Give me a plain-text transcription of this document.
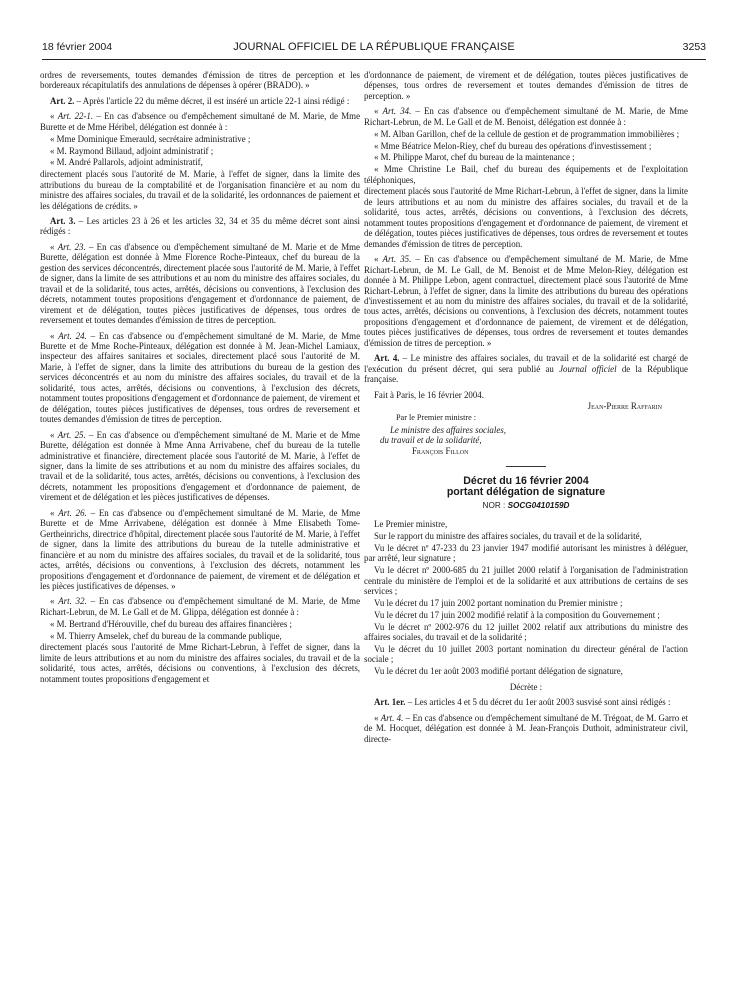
18 février 2004	JOURNAL OFFICIEL DE LA RÉPUBLIQUE FRANÇAISE	3253

ordres de reversements, toutes demandes d'émission de titres de perception et les bordereaux récapitulatifs des annulations de dépenses à opérer (BRADO). »

Art. 2. – Après l'article 22 du même décret, il est inséré un article 22-1 ainsi rédigé :

« Art. 22-1. – En cas d'absence ou d'empêchement simultané de M. Marie, de Mme Burette et de Mme Héribel, délégation est donnée à :

« Mme Dominique Emerauld, secrétaire administrative ;

« M. Raymond Billaud, adjoint administratif ;

« M. André Pallarols, adjoint administratif,

directement placés sous l'autorité de M. Marie, à l'effet de signer, dans la limite des attributions du bureau de la comptabilité et de l'organisation financière et au nom du ministre des affaires sociales, du travail et de la solidarité, les ordonnances de paiement et les délégations de crédits. »

Art. 3. – Les articles 23 à 26 et les articles 32, 34 et 35 du même décret sont ainsi rédigés :

« Art. 23. – En cas d'absence ou d'empêchement simultané de M. Marie et de Mme Burette, délégation est donnée à Mme Florence Roche-Pinteaux, chef du bureau de la gestion des services déconcentrés, directement placée sous l'autorité de M. Marie, à l'effet de signer, dans la limite de ses attributions et au nom du ministre des affaires sociales, du travail et de la solidarité, tous actes, arrêtés, décisions ou conventions, à l'exclusion des décrets, notamment toutes propositions d'engagement et d'ordonnance de paiement, de virement et de délégation, toutes pièces justificatives de dépenses, tous ordres de reversement et toutes demandes d'émission de titres de perception.

« Art. 24. – En cas d'absence ou d'empêchement simultané de M. Marie, de Mme Burette et de Mme Roche-Pinteaux, délégation est donnée à M. Jean-Michel Lamiaux, inspecteur des affaires sanitaires et sociales, directement placé sous l'autorité de M. Marie, à l'effet de signer, dans la limite des attributions du bureau de la gestion des services déconcentrés et au nom du ministre des affaires sociales, du travail et de la solidarité, tous actes, arrêtés, décisions ou conventions, à l'exclusion des décrets, notamment toutes propositions d'engagement et d'ordonnance de paiement, de virement et de délégation, toutes pièces justificatives de dépenses, tous ordres de reversement et toutes demandes d'émission de titres de perception.

« Art. 25. – En cas d'absence ou d'empêchement simultané de M. Marie et de Mme Burette, délégation est donnée à Mme Anna Arrivabene, chef du bureau de la tutelle administrative et financière, directement placée sous l'autorité de M. Marie, à l'effet de signer, dans la limite de ses attributions et au nom du ministre des affaires sociales, du travail et de la solidarité, tous actes, arrêtés, décisions ou conventions, à l'exclusion des décrets, notamment les propositions d'engagement et d'ordonnance de paiement, de virement et de délégation et les pièces justificatives de dépenses.

« Art. 26. – En cas d'absence ou d'empêchement simultané de M. Marie, de Mme Burette et de Mme Arrivabene, délégation est donnée à Mme Elisabeth Tome-Gertheinrichs, directrice d'hôpital, directement placée sous l'autorité de M. Marie, à l'effet de signer, dans la limite des attributions du bureau de la tutelle administrative et financière et au nom du ministre des affaires sociales, du travail et de la solidarité, tous actes, arrêtés, décisions ou conventions, à l'exclusion des décrets, notamment les propositions d'engagement et d'ordonnance de paiement, de virement et de délégation et les pièces justificatives de dépenses. »

« Art. 32. – En cas d'absence ou d'empêchement simultané de M. Marie, de Mme Richart-Lebrun, de M. Le Gall et de M. Glippa, délégation est donnée à :

« M. Bertrand d'Hérouville, chef du bureau des affaires financières ;

« M. Thierry Amselek, chef du bureau de la commande publique,

directement placés sous l'autorité de Mme Richart-Lebrun, à l'effet de signer, dans la limite de leurs attributions et au nom du ministre des affaires sociales, du travail et de la solidarité, tous actes, arrêtés, décisions ou conventions, à l'exclusion des décrets, notamment toutes propositions d'engagement et

d'ordonnance de paiement, de virement et de délégation, toutes pièces justificatives de dépenses, tous ordres de reversement et toutes demandes d'émission de titres de perception. »

« Art. 34. – En cas d'absence ou d'empêchement simultané de M. Marie, de Mme Richart-Lebrun, de M. Le Gall et de M. Benoist, délégation est donnée à :

« M. Alban Garillon, chef de la cellule de gestion et de programmation immobilières ;

« Mme Béatrice Melon-Riey, chef du bureau des opérations d'investissement ;

« M. Philippe Marot, chef du bureau de la maintenance ;

« Mme Christine Le Bail, chef du bureau des équipements et de l'exploitation téléphoniques,

directement placés sous l'autorité de Mme Richart-Lebrun, à l'effet de signer, dans la limite de leurs attributions et au nom du ministre des affaires sociales, du travail et de la solidarité, tous actes, arrêtés, décisions ou conventions, à l'exclusion des décrets, notamment toutes propositions d'engagement et d'ordonnance de paiement, de virement et de délégation, toutes pièces justificatives de dépenses, tous ordres de reversement et toutes demandes d'émission de titres de perception.

« Art. 35. – En cas d'absence ou d'empêchement simultané de M. Marie, de Mme Richart-Lebrun, de M. Le Gall, de M. Benoist et de Mme Melon-Riey, délégation est donnée à M. Philippe Lebon, agent contractuel, directement placé sous l'autorité de Mme Richart-Lebrun, à l'effet de signer, dans la limite des attributions du bureau des opérations d'investissement et au nom du ministre des affaires sociales, du travail et de la solidarité, tous actes, arrêtés, décisions ou conventions, à l'exclusion des décrets, notamment toutes propositions d'engagement et d'ordonnance de paiement, de virement et de délégation, toutes pièces justificatives de dépenses, tous ordres de reversement et toutes demandes d'émission de titres de perception. »

Art. 4. – Le ministre des affaires sociales, du travail et de la solidarité est chargé de l'exécution du présent décret, qui sera publié au Journal officiel de la République française.

Fait à Paris, le 16 février 2004.

Jean-Pierre Raffarin

Par le Premier ministre :

Le ministre des affaires sociales,
du travail et de la solidarité,
François Fillon

Décret du 16 février 2004
portant délégation de signature
NOR : SOCG0410159D

Le Premier ministre,

Sur le rapport du ministre des affaires sociales, du travail et de la solidarité,

Vu le décret nº 47-233 du 23 janvier 1947 modifié autorisant les ministres à déléguer, par arrêté, leur signature ;

Vu le décret nº 2000-685 du 21 juillet 2000 relatif à l'organisation de l'administration centrale du ministère de l'emploi et de la solidarité et aux attributions de certains de ses services ;

Vu le décret du 17 juin 2002 portant nomination du Premier ministre ;

Vu le décret du 17 juin 2002 modifié relatif à la composition du Gouvernement ;

Vu le décret nº 2002-976 du 12 juillet 2002 relatif aux attributions du ministre des affaires sociales, du travail et de la solidarité ;

Vu le décret du 10 juillet 2003 portant nomination du directeur général de l'action sociale ;

Vu le décret du 1er août 2003 modifié portant délégation de signature,

Décrète :

Art. 1er. – Les articles 4 et 5 du décret du 1er août 2003 susvisé sont ainsi rédigés :

« Art. 4. – En cas d'absence ou d'empêchement simultané de M. Trégoat, de M. Garro et de M. Hocquet, délégation est donnée à M. Jean-François Duthoit, administrateur civil, directe-
